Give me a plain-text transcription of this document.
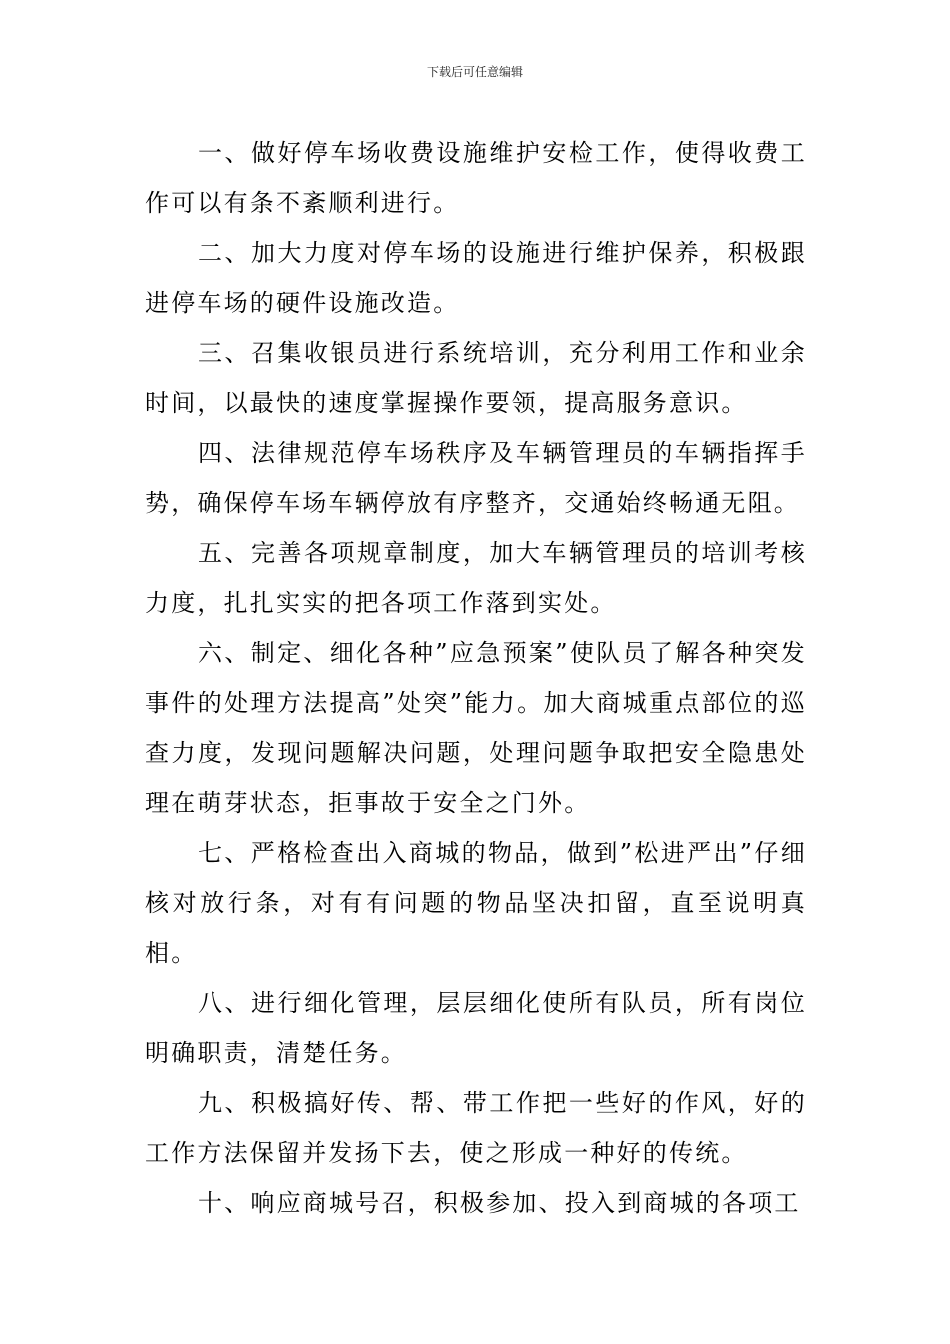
下载后可任意编辑

一、做好停车场收费设施维护安检工作，使得收费工作可以有条不紊顺利进行。

二、加大力度对停车场的设施进行维护保养，积极跟进停车场的硬件设施改造。

三、召集收银员进行系统培训，充分利用工作和业余时间，以最快的速度掌握操作要领，提高服务意识。

四、法律规范停车场秩序及车辆管理员的车辆指挥手势，确保停车场车辆停放有序整齐，交通始终畅通无阻。

五、完善各项规章制度，加大车辆管理员的培训考核力度，扎扎实实的把各项工作落到实处。

六、制定、细化各种”应急预案”使队员了解各种突发事件的处理方法提高”处突”能力。加大商城重点部位的巡查力度，发现问题解决问题，处理问题争取把安全隐患处理在萌芽状态，拒事故于安全之门外。

七、严格检查出入商城的物品，做到”松进严出”仔细核对放行条，对有有问题的物品坚决扣留，直至说明真相。

八、进行细化管理，层层细化使所有队员，所有岗位明确职责，清楚任务。

九、积极搞好传、帮、带工作把一些好的作风，好的工作方法保留并发扬下去，使之形成一种好的传统。

十、响应商城号召，积极参加、投入到商城的各项工
